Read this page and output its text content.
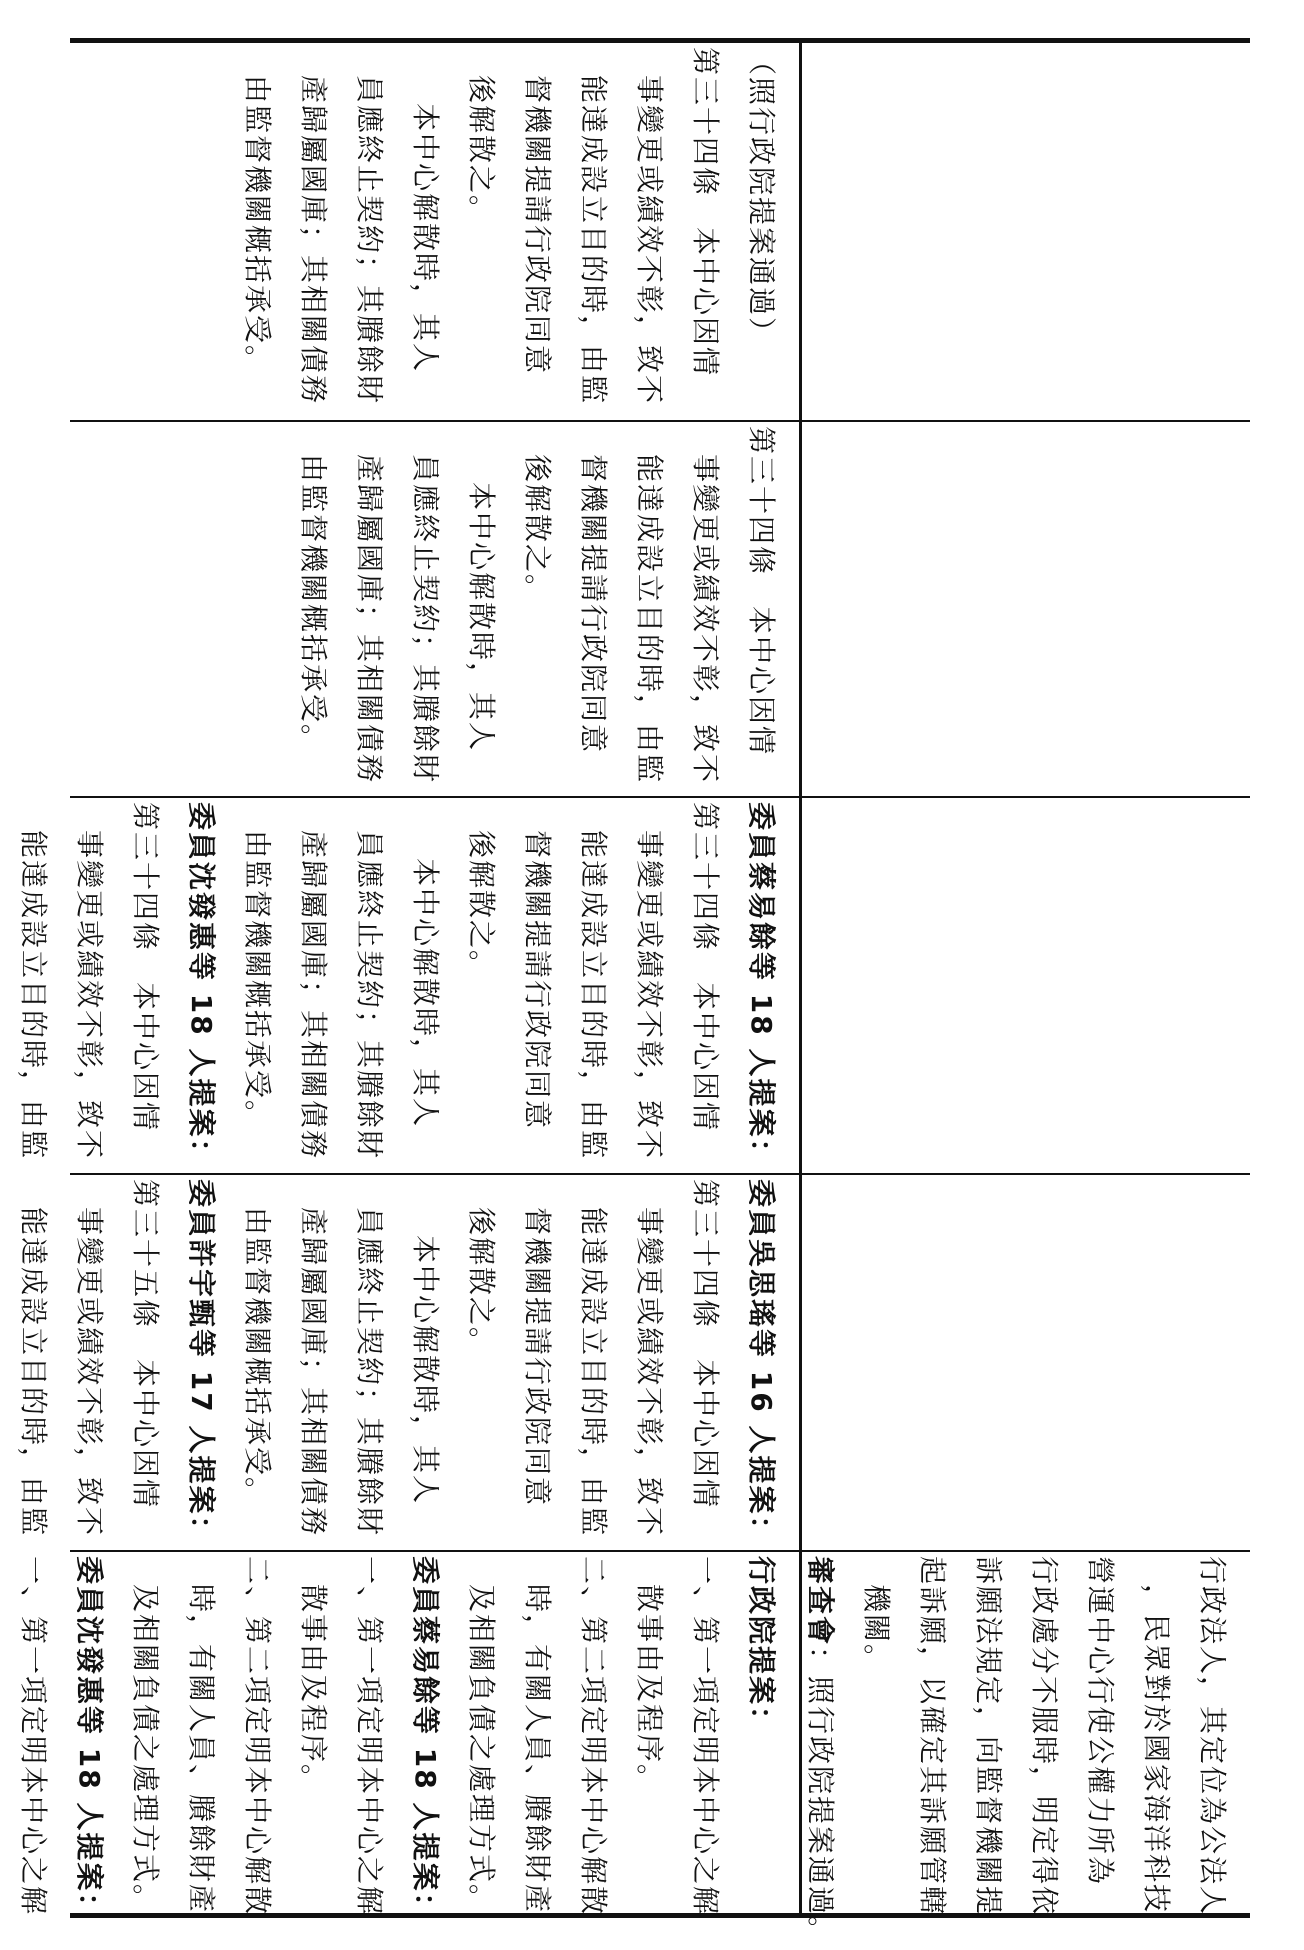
行政法人，其定位為公法人
，民眾對於國家海洋科技
營運中心行使公權力所為
行政處分不服時，明定得依
訴願法規定，向監督機關提
起訴願，以確定其訴願管轄
機關。
審查會：照行政院提案通過。
（照行政院提案通過）
第三十四條　本中心因情
事變更或績效不彰，致不
能達成設立目的時，由監
督機關提請行政院同意
後解散之。
本中心解散時，其人
員應終止契約；其賸餘財
產歸屬國庫；其相關債務
由監督機關概括承受。
第三十四條　本中心因情
事變更或績效不彰，致不
能達成設立目的時，由監
督機關提請行政院同意
後解散之。
本中心解散時，其人
員應終止契約；其賸餘財
產歸屬國庫；其相關債務
由監督機關概括承受。
委員蔡易餘等 18 人提案：
第三十四條　本中心因情
事變更或績效不彰，致不
能達成設立目的時，由監
督機關提請行政院同意
後解散之。
本中心解散時，其人
員應終止契約；其賸餘財
產歸屬國庫；其相關債務
由監督機關概括承受。
委員沈發惠等 18 人提案：
第三十四條　本中心因情
事變更或績效不彰，致不
能達成設立目的時，由監
委員吳思瑤等 16 人提案：
第三十四條　本中心因情
事變更或績效不彰，致不
能達成設立目的時，由監
督機關提請行政院同意
後解散之。
本中心解散時，其人
員應終止契約；其賸餘財
產歸屬國庫；其相關債務
由監督機關概括承受。
委員許宇甄等 17 人提案：
第三十五條　本中心因情
事變更或績效不彰，致不
能達成設立目的時，由監
行政院提案：
一、第一項定明本中心之解
散事由及程序。
二、第二項定明本中心解散
時，有關人員、賸餘財產
及相關負債之處理方式。
委員蔡易餘等 18 人提案：
一、第一項定明本中心之解
散事由及程序。
二、第二項定明本中心解散
時，有關人員、賸餘財產
及相關負債之處理方式。
委員沈發惠等 18 人提案：
一、第一項定明本中心之解
